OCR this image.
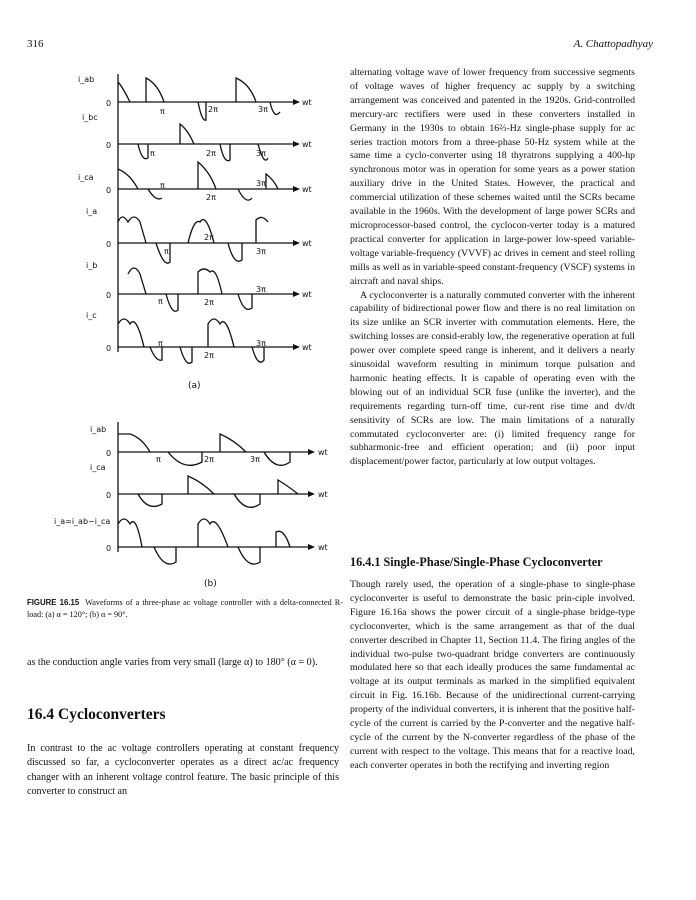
316	A. Chattopadhyay
i_ab
i_bc
i_ca
i_a
i_b
i_c
0
0
0
0
0
0
wt
wt
wt
wt
wt
wt
π	2π	3π
π	2π	3π
π
2π
3π
π
2π
3π
π	2π
3π
π
2π
3π
(a)
i_ab
i_ca
i_a=i_ab−i_ca
0
0
0
wt
wt
wt
π	2π	3π
(b)
FIGURE 16.15 Waveforms of a three-phase ac voltage controller with a delta-connected R-load: (a) α = 120°; (b) α = 90°.

as the conduction angle varies from very small (large α) to 180° (α = 0).

16.4 Cycloconverters

In contrast to the ac voltage controllers operating at constant frequency discussed so far, a cycloconverter operates as a direct ac/ac frequency changer with an inherent voltage control feature. The basic principle of this converter to construct an

alternating voltage wave of lower frequency from successive segments of voltage waves of higher frequency ac supply by a switching arrangement was conceived and patented in the 1920s. Grid-controlled mercury-arc rectifiers were used in these converters installed in Germany in the 1930s to obtain 16⅔-Hz single-phase supply for ac series traction motors from a three-phase 50-Hz system while at the same time a cyclo-converter using 18 thyratrons supplying a 400-hp synchronous motor was in operation for some years as a power station auxiliary drive in the United States. However, the practical and commercial utilization of these schemes waited until the SCRs became available in the 1960s. With the development of large power SCRs and microprocessor-based control, the cyclocon-verter today is a matured practical converter for application in large-power low-speed variable-voltage variable-frequency (VVVF) ac drives in cement and steel rolling mills as well as in variable-speed constant-frequency (VSCF) systems in aircraft and naval ships.

A cycloconverter is a naturally commuted converter with the inherent capability of bidirectional power flow and there is no real limitation on its size unlike an SCR inverter with commutation elements. Here, the switching losses are consid-erably low, the regenerative operation at full power over complete speed range is inherent, and it delivers a nearly sinusoidal waveform resulting in minimum torque pulsation and harmonic heating effects. It is capable of operating even with the blowing out of an individual SCR fuse (unlike the inverter), and the requirements regarding turn-off time, cur-rent rise time and dv/dt sensitivity of SCRs are low. The main limitations of a naturally commutated cycloconverter are: (i) limited frequency range for subharmonic-free and efficient operation; and (ii) poor input displacement/power factor, particularly at low output voltages.

16.4.1 Single-Phase/Single-Phase Cycloconverter

Though rarely used, the operation of a single-phase to single-phase cycloconverter is useful to demonstrate the basic prin-ciple involved. Figure 16.16a shows the power circuit of a single-phase bridge-type cycloconverter, which is the same arrangement as that of the dual converter described in Chapter 11, Section 11.4. The firing angles of the individual two-pulse two-quadrant bridge converters are continuously modulated here so that each ideally produces the same fundamental ac voltage at its output terminals as marked in the simplified equivalent circuit in Fig. 16.16b. Because of the unidirectional current-carrying property of the individual converters, it is inherent that the positive half-cycle of the current is carried by the P-converter and the negative half-cycle of the current by the N-converter regardless of the phase of the current with respect to the voltage. This means that for a reactive load, each converter operates in both the rectifying and inverting region
